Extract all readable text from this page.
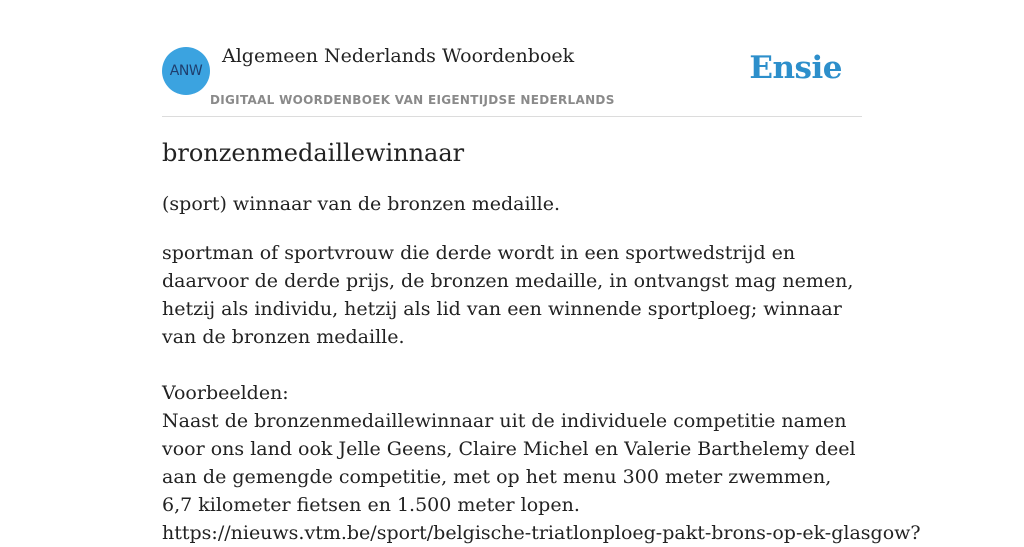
ANW
Algemeen Nederlands Woordenboek
DIGITAAL WOORDENBOEK VAN EIGENTIJDSE NEDERLANDS
Ensie
bronzenmedaillewinnaar
(sport) winnaar van de bronzen medaille.

sportman of sportvrouw die derde wordt in een sportwedstrijd en daarvoor de derde prijs, de bronzen medaille, in ontvangst mag nemen, hetzij als individu, hetzij als lid van een winnende sportploeg; winnaar van de bronzen medaille.

Voorbeelden:

Naast de bronzenmedaillewinnaar uit de individuele competitie namen voor ons land ook Jelle Geens, Claire Michel en Valerie Barthelemy deel aan de gemengde competitie, met op het menu 300 meter zwemmen, 6,7 kilometer fietsen en 1.500 meter lopen.

https://nieuws.vtm.be/sport/belgische-triatlonploeg-pakt-brons-op-ek-glasgow?
